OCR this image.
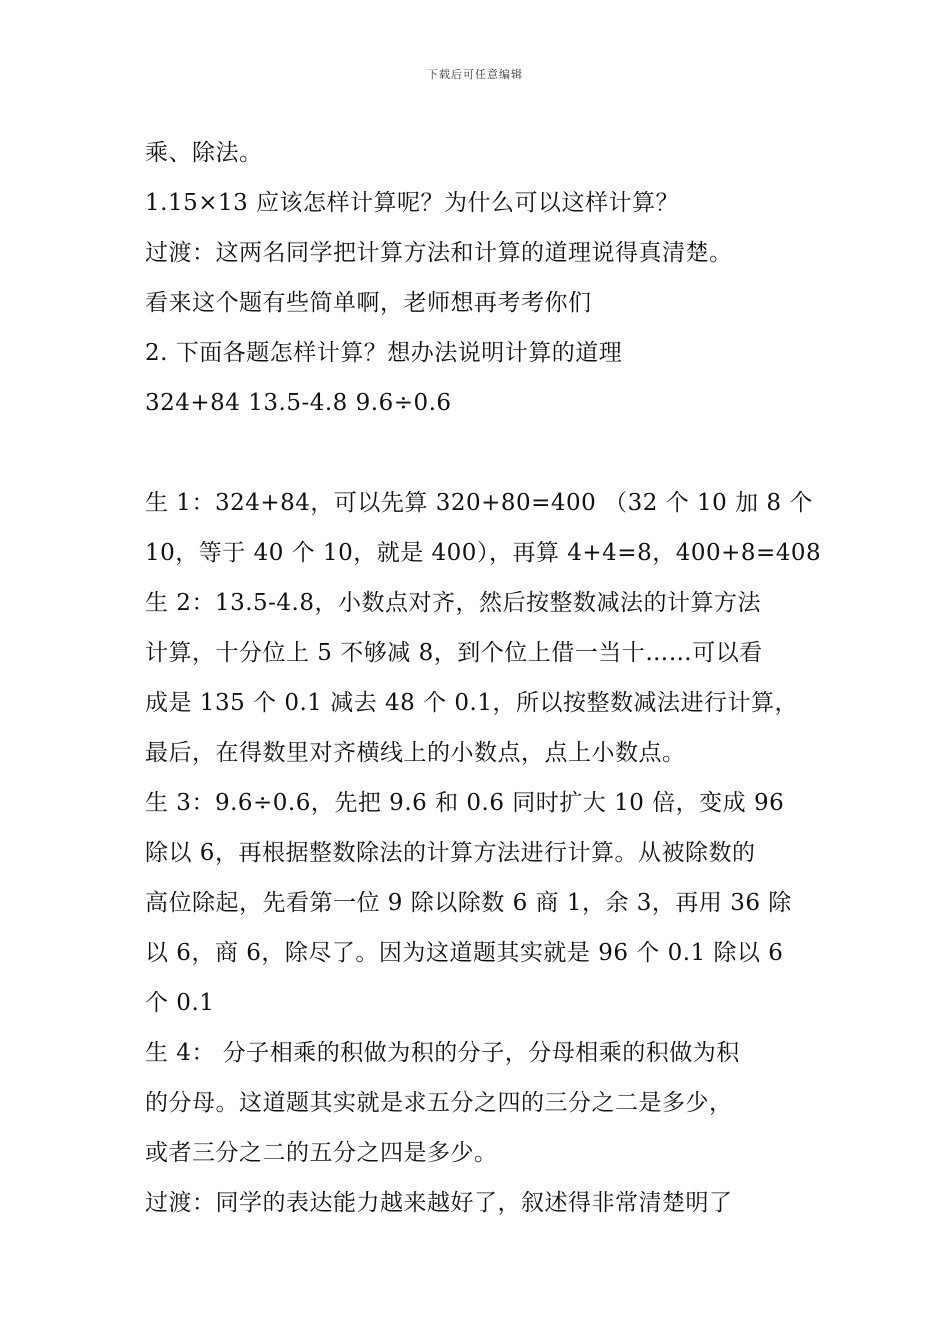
下载后可任意编辑
乘、除法。
1.15×13 应该怎样计算呢？为什么可以这样计算？
过渡：这两名同学把计算方法和计算的道理说得真清楚。
看来这个题有些简单啊，老师想再考考你们
2. 下面各题怎样计算？想办法说明计算的道理
324+84 13.5-4.8 9.6÷0.6
生 1：324+84，可以先算 320+80=400 （32 个 10 加 8 个
10，等于 40 个 10，就是 400），再算 4+4=8，400+8=408
生 2：13.5-4.8，小数点对齐，然后按整数减法的计算方法
计算，十分位上 5 不够减 8，到个位上借一当十……可以看
成是 135 个 0.1 减去 48 个 0.1，所以按整数减法进行计算，
最后，在得数里对齐横线上的小数点，点上小数点。
生 3：9.6÷0.6，先把 9.6 和 0.6 同时扩大 10 倍，变成 96
除以 6，再根据整数除法的计算方法进行计算。从被除数的
高位除起，先看第一位 9 除以除数 6 商 1，余 3，再用 36 除
以 6，商 6，除尽了。因为这道题其实就是 96 个 0.1 除以 6
个 0.1
生 4： 分子相乘的积做为积的分子，分母相乘的积做为积
的分母。这道题其实就是求五分之四的三分之二是多少，
或者三分之二的五分之四是多少。
过渡：同学的表达能力越来越好了，叙述得非常清楚明了
